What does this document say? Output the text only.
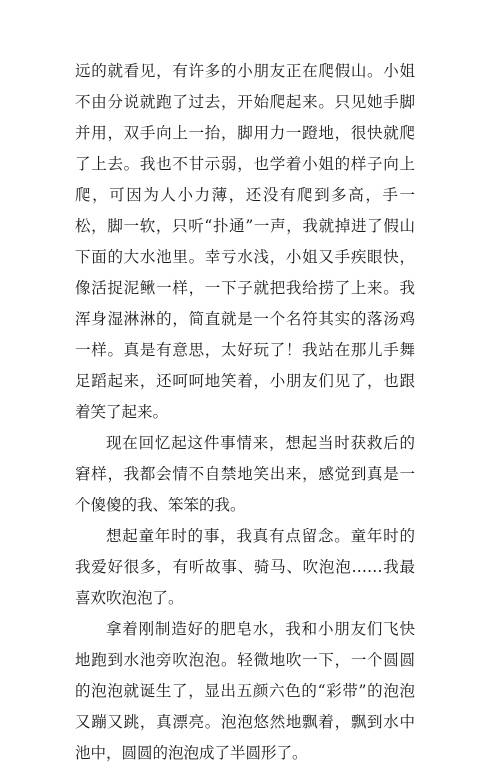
远的就看见，有许多的小朋友正在爬假山。小姐不由分说就跑了过去，开始爬起来。只见她手脚并用，双手向上一抬，脚用力一蹬地，很快就爬了上去。我也不甘示弱，也学着小姐的样子向上爬，可因为人小力薄，还没有爬到多高，手一松，脚一软，只听“扑通”一声，我就掉进了假山下面的大水池里。幸亏水浅，小姐又手疾眼快，像活捉泥鳅一样，一下子就把我给捞了上来。我浑身湿淋淋的，简直就是一个名符其实的落汤鸡一样。真是有意思，太好玩了！我站在那儿手舞足蹈起来，还呵呵地笑着，小朋友们见了，也跟着笑了起来。

现在回忆起这件事情来，想起当时获救后的窘样，我都会情不自禁地笑出来，感觉到真是一个傻傻的我、笨笨的我。

想起童年时的事，我真有点留念。童年时的我爱好很多，有听故事、骑马、吹泡泡……我最喜欢吹泡泡了。

拿着刚制造好的肥皂水，我和小朋友们飞快地跑到水池旁吹泡泡。轻微地吹一下，一个圆圆的泡泡就诞生了，显出五颜六色的“彩带”的泡泡又蹦又跳，真漂亮。泡泡悠然地飘着，飘到水中池中，圆圆的泡泡成了半圆形了。
